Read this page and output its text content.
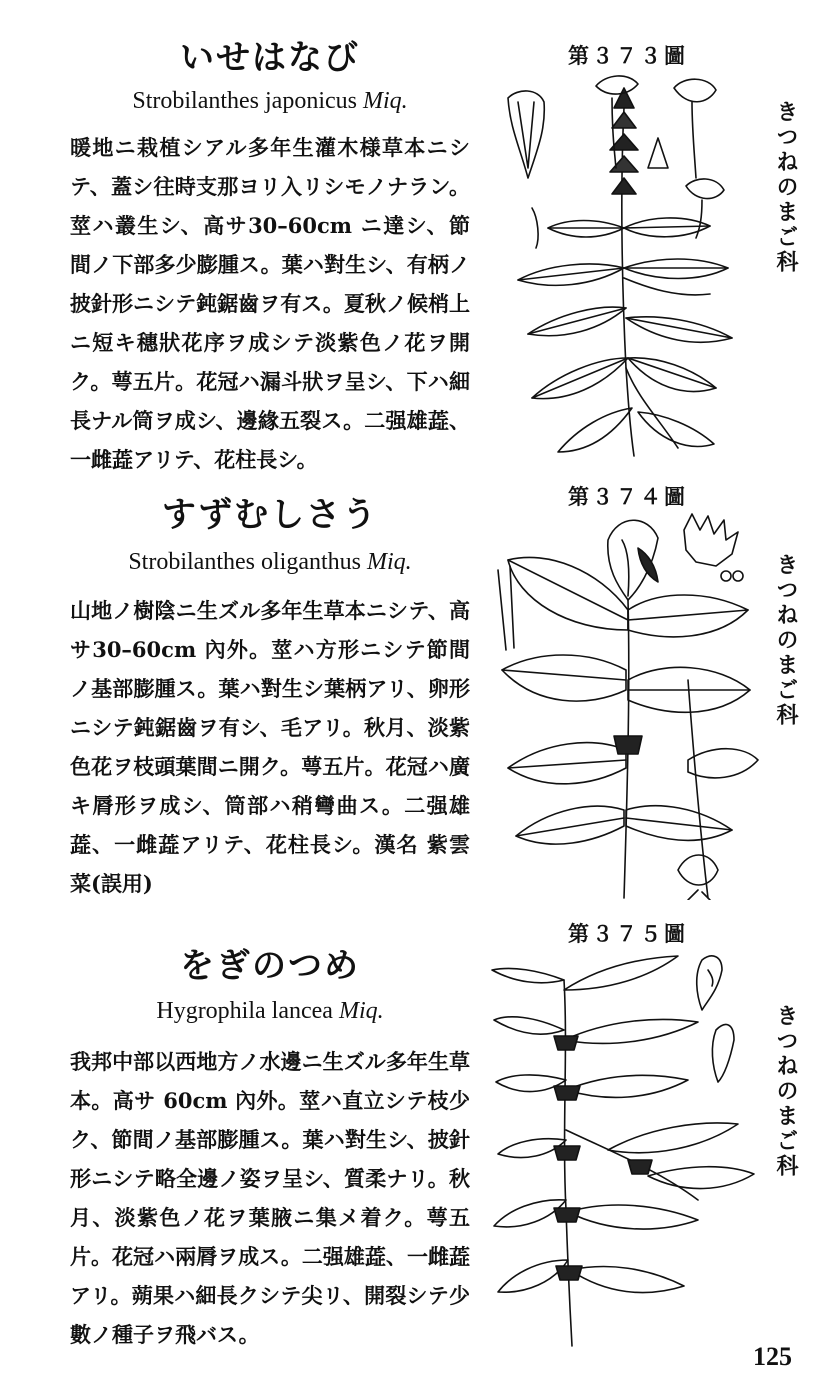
いせはなび

Strobilanthes japonicus Miq.

暖地ニ栽植シアル多年生灌木様草本ニシテ、蓋シ往時支那ヨリ入リシモノナラン。莖ハ叢生シ、高サ30–60cm ニ達シ、節間ノ下部多少膨腫ス。葉ハ對生シ、有柄ノ披針形ニシテ鈍鋸齒ヲ有ス。夏秋ノ候梢上ニ短キ穗狀花序ヲ成シテ淡紫色ノ花ヲ開ク。萼五片。花冠ハ漏斗狀ヲ呈シ、下ハ細長ナル筒ヲ成シ、邊緣五裂ス。二强雄蕋、一雌蕋アリテ、花柱長シ。

第３７３圖

きつねのまご科

すずむしさう

Strobilanthes oliganthus Miq.

山地ノ樹陰ニ生ズル多年生草本ニシテ、高サ30–60cm 內外。莖ハ方形ニシテ節間ノ基部膨腫ス。葉ハ對生シ葉柄アリ、卵形ニシテ鈍鋸齒ヲ有シ、毛アリ。秋月、淡紫色花ヲ枝頭葉間ニ開ク。萼五片。花冠ハ廣キ脣形ヲ成シ、筒部ハ稍彎曲ス。二强雄蕋、一雌蕋アリテ、花柱長シ。漢名 紫雲菜(誤用)

第３７４圖

きつねのまご科

をぎのつめ

Hygrophila lancea Miq.

我邦中部以西地方ノ水邊ニ生ズル多年生草本。高サ 60cm 內外。莖ハ直立シテ枝少ク、節間ノ基部膨腫ス。葉ハ對生シ、披針形ニシテ略全邊ノ姿ヲ呈シ、質柔ナリ。秋月、淡紫色ノ花ヲ葉腋ニ集メ着ク。萼五片。花冠ハ兩脣ヲ成ス。二强雄蕋、一雌蕋アリ。蒴果ハ細長クシテ尖リ、開裂シテ少數ノ種子ヲ飛バス。

第３７５圖

きつねのまご科

125
